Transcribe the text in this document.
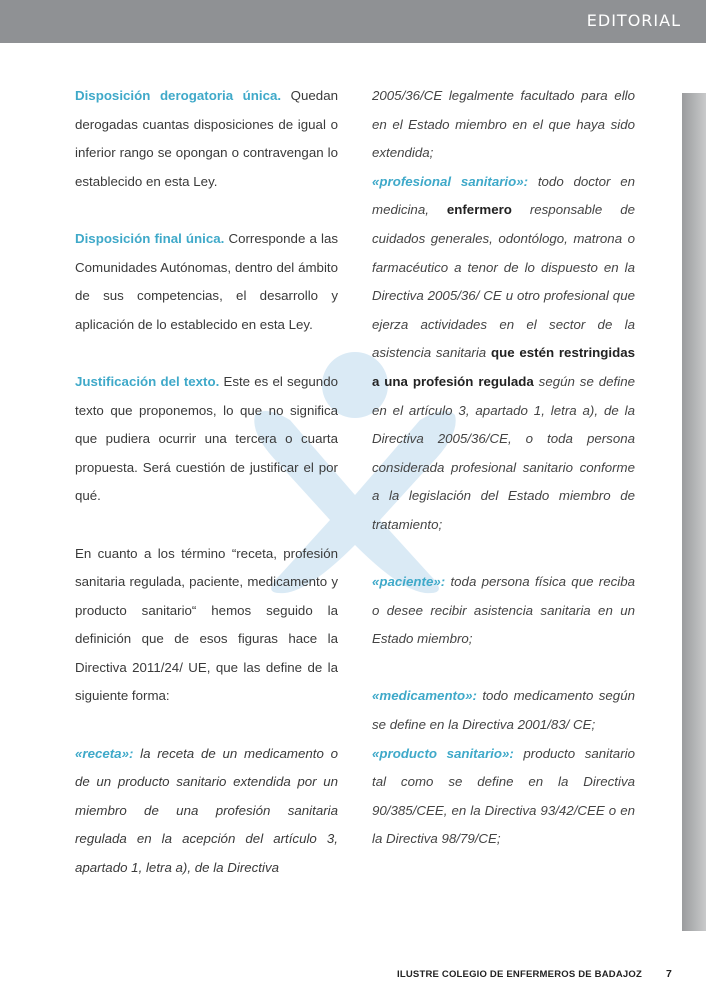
EDITORIAL

Disposición derogatoria única. Quedan derogadas cuantas disposiciones de igual o inferior rango se opongan o contravengan lo establecido en esta Ley.

Disposición final única. Corresponde a las Comunidades Autónomas, dentro del ámbito de sus competencias, el desarrollo y aplicación de lo establecido en esta Ley.

Justificación del texto. Este es el segundo texto que proponemos, lo que no significa que pudiera ocurrir una tercera o cuarta propuesta. Será cuestión de justificar el por qué.

En cuanto a los término “receta, profesión sanitaria regulada, paciente, medicamento y producto sanitario“ hemos seguido la definición que de esos figuras hace la Directiva 2011/24/ UE, que las define de la siguiente forma:

«receta»: la receta de un medicamento o de un producto sanitario extendida por un miembro de una profesión sanitaria regulada en la acepción del artículo 3, apartado 1, letra a), de la Directiva

2005/36/CE legalmente facultado para ello en el Estado miembro en el que haya sido extendida;

«profesional sanitario»: todo doctor en medicina, enfermero responsable de cuidados generales, odontólogo, matrona o farmacéutico a tenor de lo dispuesto en la Directiva 2005/36/ CE u otro profesional que ejerza actividades en el sector de la asistencia sanitaria que estén restringidas a una profesión regulada según se define en el artículo 3, apartado 1, letra a), de la Directiva 2005/36/CE, o toda persona considerada profesional sanitario conforme a la legislación del Estado miembro de tratamiento;

«paciente»: toda persona física que reciba o desee recibir asistencia sanitaria en un Estado miembro;

«medicamento»: todo medicamento según se define en la Directiva 2001/83/ CE;

«producto sanitario»: producto sanitario tal como se define en la Directiva 90/385/CEE, en la Directiva 93/42/CEE o en la Directiva 98/79/CE;

ILUSTRE COLEGIO DE ENFERMEROS DE BADAJOZ 7
